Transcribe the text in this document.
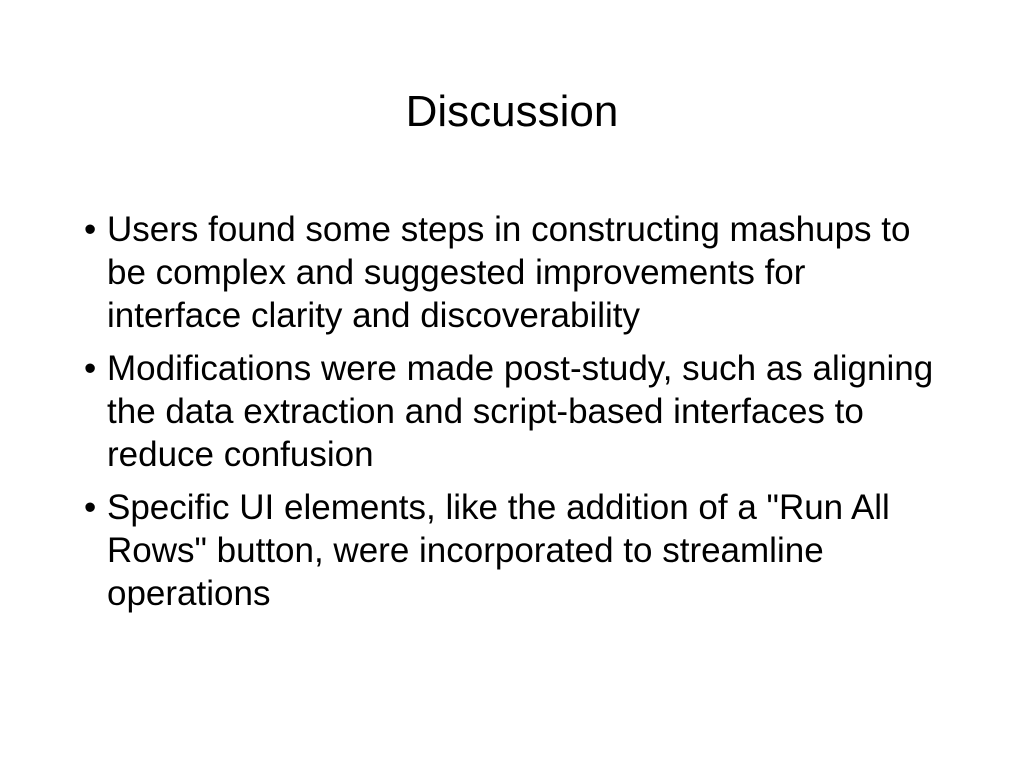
Discussion
• Users found some steps in constructing mashups to be complex and suggested improvements for interface clarity and discoverability
• Modifications were made post-study, such as aligning the data extraction and script-based interfaces to reduce confusion
• Specific UI elements, like the addition of a "Run All Rows" button, were incorporated to streamline operations
